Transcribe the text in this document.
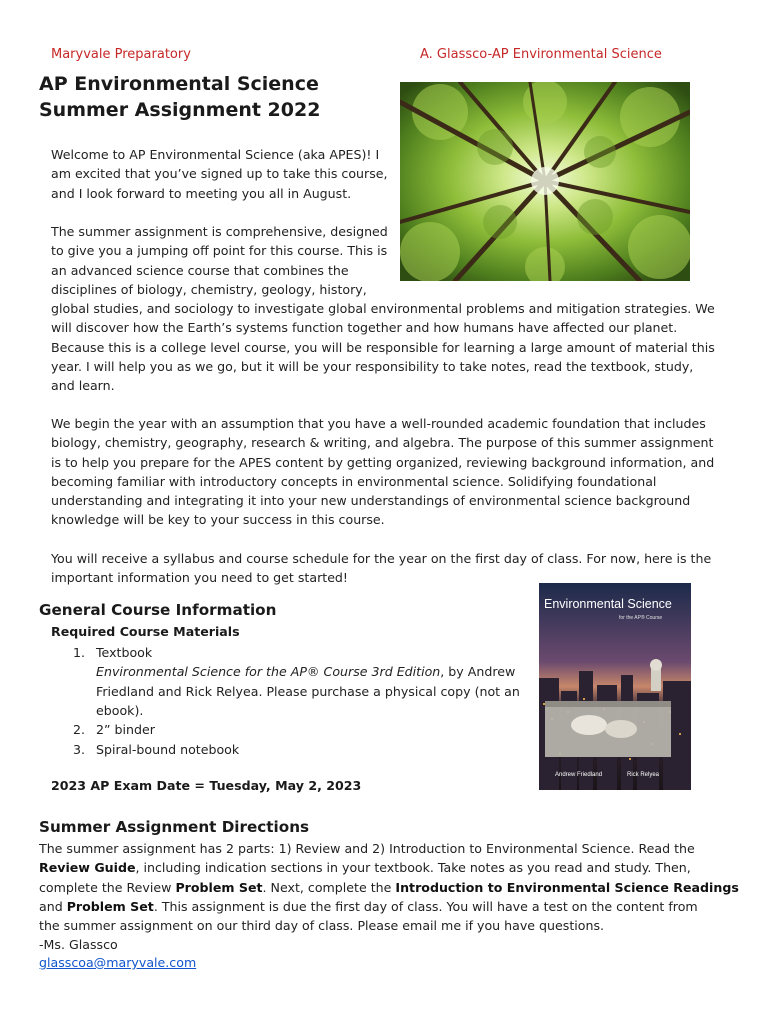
Maryvale Preparatory	A. Glassco-AP Environmental Science
AP Environmental Science
Summer Assignment 2022
Welcome to AP Environmental Science (aka APES)! I
am excited that you’ve signed up to take this course,
and I look forward to meeting you all in August.
The summer assignment is comprehensive, designed
to give you a jumping off point for this course. This is
an advanced science course that combines the
disciplines of biology, chemistry, geology, history,
global studies, and sociology to investigate global environmental problems and mitigation strategies. We
will discover how the Earth’s systems function together and how humans have affected our planet.
Because this is a college level course, you will be responsible for learning a large amount of material this
year. I will help you as we go, but it will be your responsibility to take notes, read the textbook, study,
and learn.
We begin the year with an assumption that you have a well-rounded academic foundation that includes
biology, chemistry, geography, research & writing, and algebra. The purpose of this summer assignment
is to help you prepare for the APES content by getting organized, reviewing background information, and
becoming familiar with introductory concepts in environmental science. Solidifying foundational
understanding and integrating it into your new understandings of environmental science background
knowledge will be key to your success in this course.
You will receive a syllabus and course schedule for the year on the first day of class. For now, here is the
important information you need to get started!
General Course Information
Required Course Materials
1. Textbook
Environmental Science for the AP® Course 3rd Edition, by Andrew
Friedland and Rick Relyea. Please purchase a physical copy (not an
ebook).
2. 2” binder
3. Spiral-bound notebook
2023 AP Exam Date = Tuesday, May 2, 2023
Environmental Science
for the AP® Course
Andrew Friedland	Rick Relyea
Summer Assignment Directions
The summer assignment has 2 parts: 1) Review and 2) Introduction to Environmental Science. Read the
Review Guide, including indication sections in your textbook. Take notes as you read and study. Then,
complete the Review Problem Set. Next, complete the Introduction to Environmental Science Readings
and Problem Set. This assignment is due the first day of class. You will have a test on the content from
the summer assignment on our third day of class. Please email me if you have questions.
-Ms. Glassco
glasscoa@maryvale.com
